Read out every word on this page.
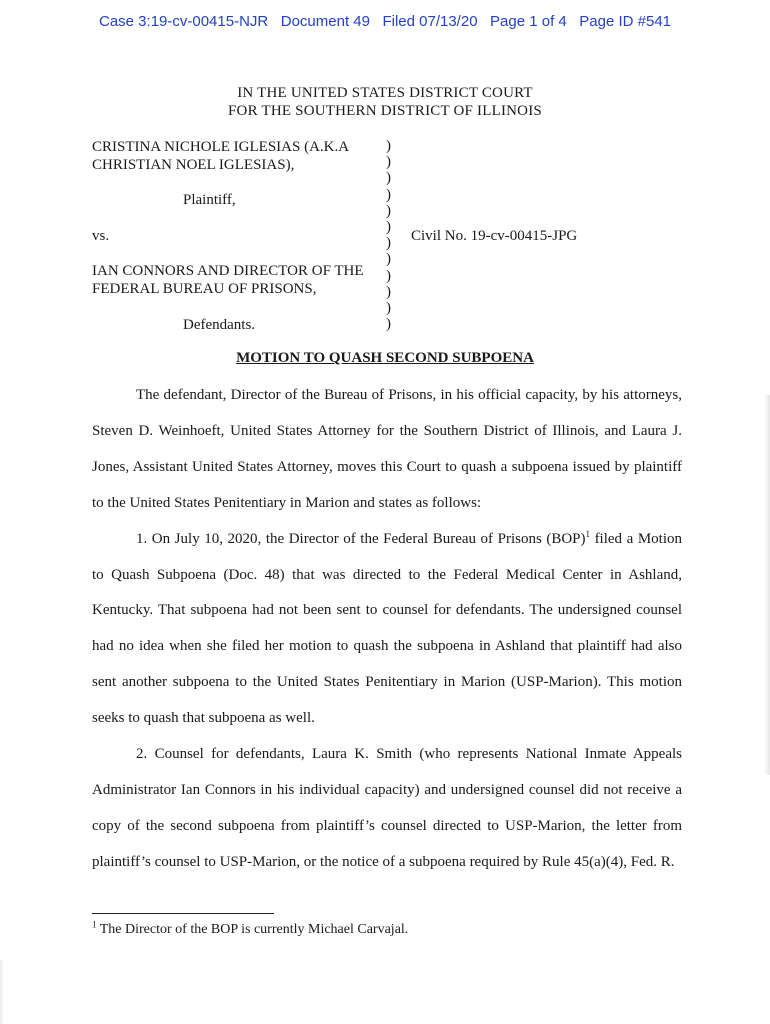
Case 3:19-cv-00415-NJR   Document 49   Filed 07/13/20   Page 1 of 4   Page ID #541
IN THE UNITED STATES DISTRICT COURT
FOR THE SOUTHERN DISTRICT OF ILLINOIS
CRISTINA NICHOLE IGLESIAS (A.K.A
CHRISTIAN NOEL IGLESIAS),
Plaintiff,
vs.
IAN CONNORS AND DIRECTOR OF THE
FEDERAL BUREAU OF PRISONS,
Defendants.
Civil No. 19-cv-00415-JPG
)
)
)
)
)
)
)
)
)
)
)
)
MOTION TO QUASH SECOND SUBPOENA

The defendant, Director of the Bureau of Prisons, in his official capacity, by his attorneys, Steven D. Weinhoeft, United States Attorney for the Southern District of Illinois, and Laura J. Jones, Assistant United States Attorney, moves this Court to quash a subpoena issued by plaintiff to the United States Penitentiary in Marion and states as follows:

1. On July 10, 2020, the Director of the Federal Bureau of Prisons (BOP)$^1$ filed a Motion to Quash Subpoena (Doc. 48) that was directed to the Federal Medical Center in Ashland, Kentucky. That subpoena had not been sent to counsel for defendants. The undersigned counsel had no idea when she filed her motion to quash the subpoena in Ashland that plaintiff had also sent another subpoena to the United States Penitentiary in Marion (USP-Marion). This motion seeks to quash that subpoena as well.

2. Counsel for defendants, Laura K. Smith (who represents National Inmate Appeals Administrator Ian Connors in his individual capacity) and undersigned counsel did not receive a copy of the second subpoena from plaintiff’s counsel directed to USP-Marion, the letter from plaintiff’s counsel to USP-Marion, or the notice of a subpoena required by Rule 45(a)(4), Fed. R.

$^1$ The Director of the BOP is currently Michael Carvajal.
